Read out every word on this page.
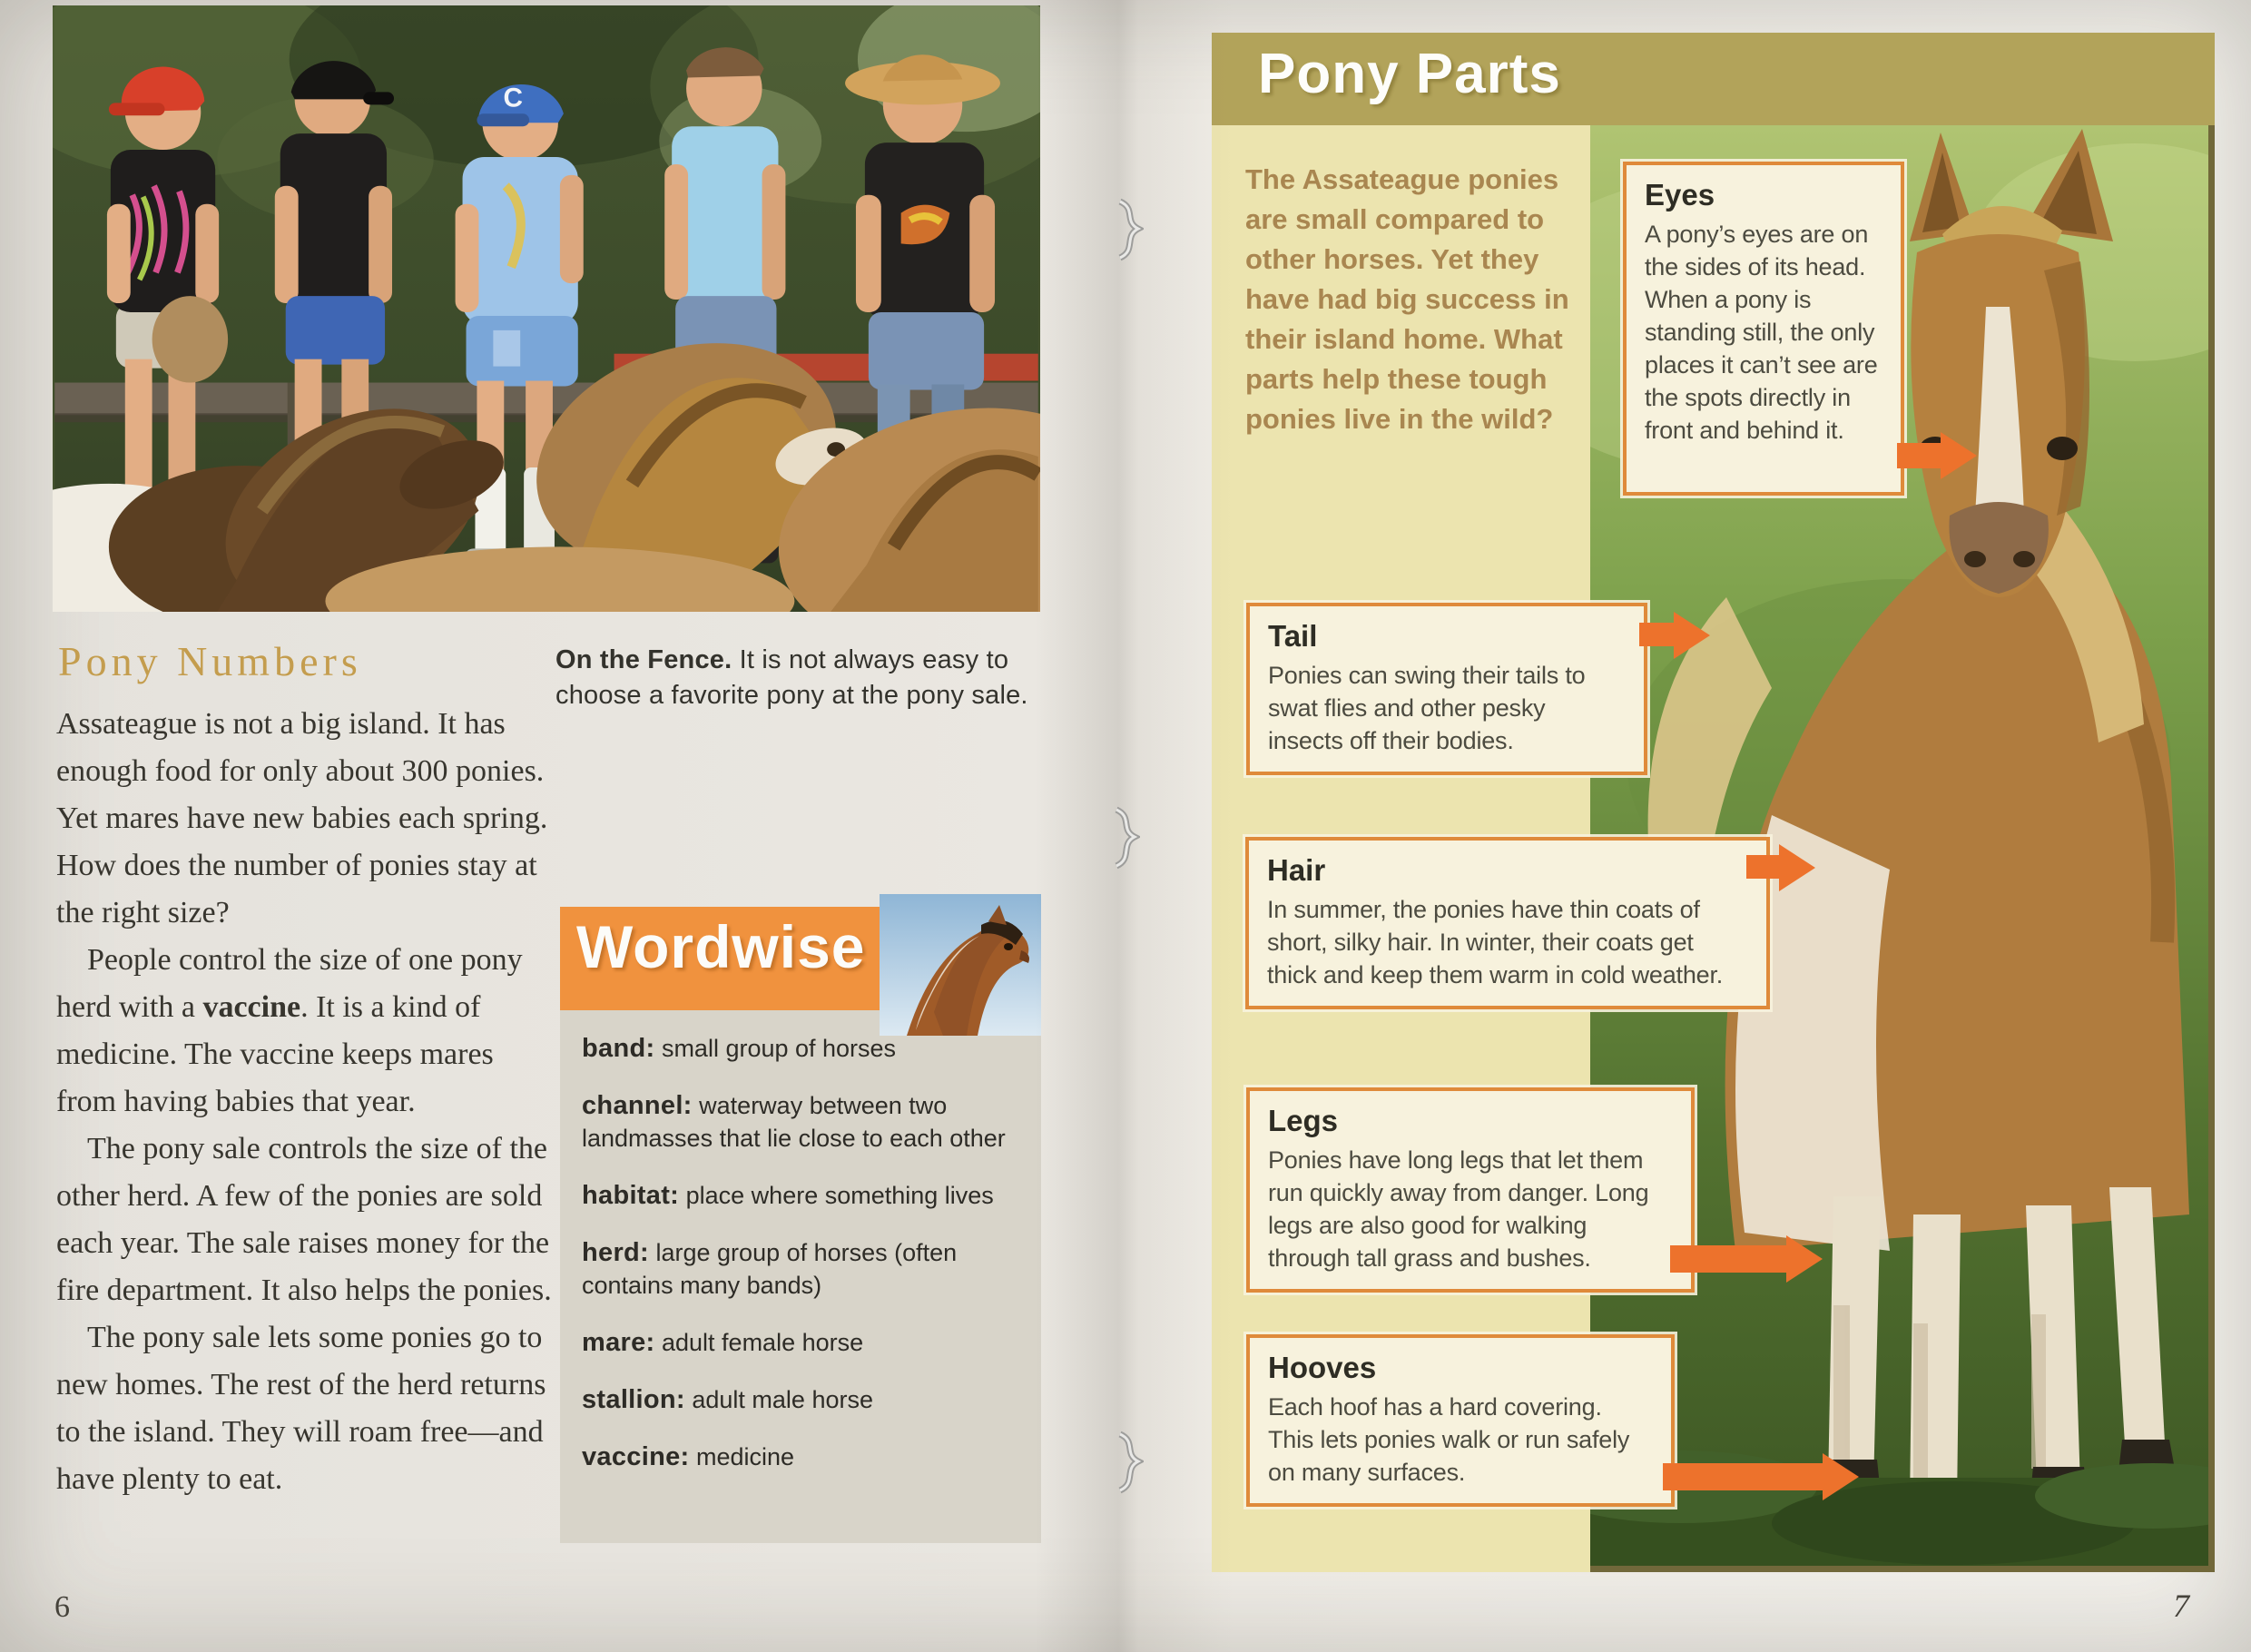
C
Pony Numbers	On the Fence. It is not always easy to choose a favorite pony at the pony sale.

Assateague is not a big island. It has enough food for only about 300 ponies. Yet mares have new babies each spring. How does the number of ponies stay at the right size?

People control the size of one pony herd with a vaccine. It is a kind of medicine. The vaccine keeps mares from having babies that year.

The pony sale controls the size of the other herd. A few of the ponies are sold each year. The sale raises money for the fire department. It also helps the ponies.

The pony sale lets some ponies go to new homes. The rest of the herd returns to the island. They will roam free—and have plenty to eat.

Wordwise
band: small group of horses
channel: waterway between two landmasses that lie close to each other
habitat: place where something lives
herd: large group of horses (often contains many bands)
mare: adult female horse
stallion: adult male horse
vaccine: medicine
Pony Parts
The Assateague ponies are small compared to other horses. Yet they have had big success in their island home. What parts help these tough ponies live in the wild?
Eyes
A pony’s eyes are on the sides of its head. When a pony is standing still, the only places it can’t see are the spots directly in front and behind it.
Tail
Ponies can swing their tails to swat flies and other pesky insects off their bodies.
Hair
In summer, the ponies have thin coats of short, silky hair. In winter, their coats get thick and keep them warm in cold weather.
Legs
Ponies have long legs that let them run quickly away from danger. Long legs are also good for walking through tall grass and bushes.
Hooves
Each hoof has a hard covering. This lets ponies walk or run safely on many surfaces.
6	7
